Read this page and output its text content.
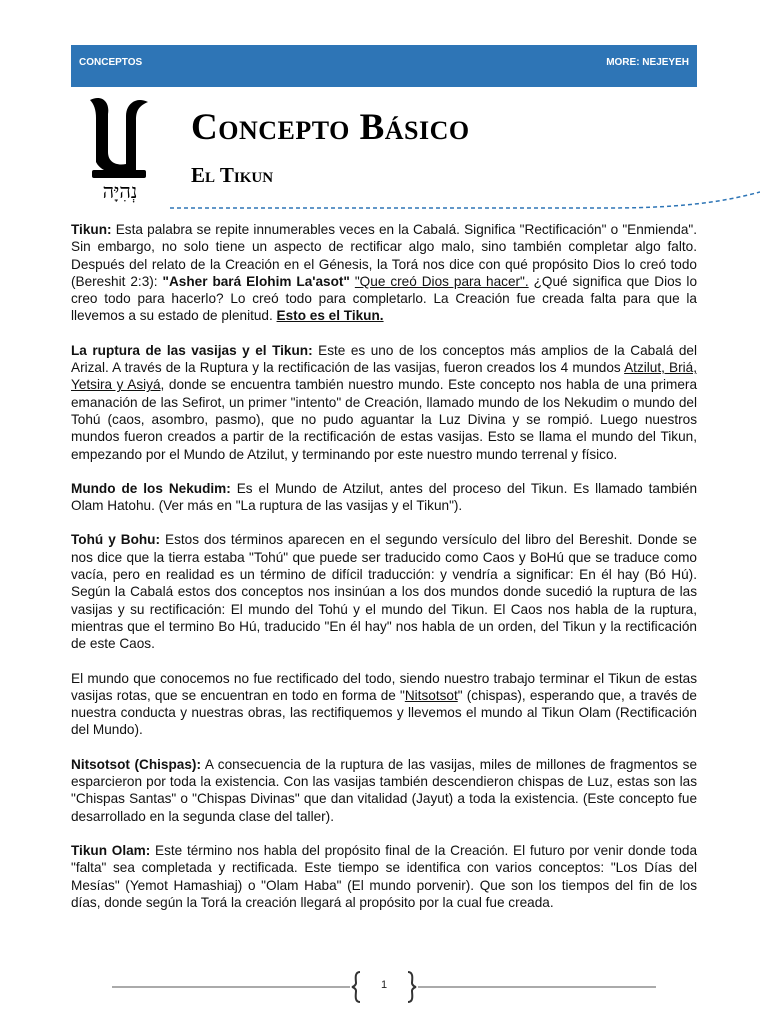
CONCEPTOS	MORE: NEJEYEH
ה
נְהִיָּה
Concepto Básico
El Tikun

Tikun: Esta palabra se repite innumerables veces en la Cabalá. Significa "Rectificación" o "Enmienda". Sin embargo, no solo tiene un aspecto de rectificar algo malo, sino también completar algo falto. Después del relato de la Creación en el Génesis, la Torá nos dice con qué propósito Dios lo creó todo (Bereshit 2:3): "Asher bará Elohim La'asot" "Que creó Dios para hacer". ¿Qué significa que Dios lo creo todo para hacerlo? Lo creó todo para completarlo. La Creación fue creada falta para que la llevemos a su estado de plenitud. Esto es el Tikun.

La ruptura de las vasijas y el Tikun: Este es uno de los conceptos más amplios de la Cabalá del Arizal. A través de la Ruptura y la rectificación de las vasijas, fueron creados los 4 mundos Atzilut, Briá, Yetsira y Asiyá, donde se encuentra también nuestro mundo. Este concepto nos habla de una primera emanación de las Sefirot, un primer "intento" de Creación, llamado mundo de los Nekudim o mundo del Tohú (caos, asombro, pasmo), que no pudo aguantar la Luz Divina y se rompió. Luego nuestros mundos fueron creados a partir de la rectificación de estas vasijas. Esto se llama el mundo del Tikun, empezando por el Mundo de Atzilut, y terminando por este nuestro mundo terrenal y físico.

Mundo de los Nekudim: Es el Mundo de Atzilut, antes del proceso del Tikun. Es llamado también Olam Hatohu. (Ver más en "La ruptura de las vasijas y el Tikun").

Tohú y Bohu: Estos dos términos aparecen en el segundo versículo del libro del Bereshit. Donde se nos dice que la tierra estaba "Tohú" que puede ser traducido como Caos y BoHú que se traduce como vacía, pero en realidad es un término de difícil traducción: y vendría a significar: En él hay (Bó Hú). Según la Cabalá estos dos conceptos nos insinúan a los dos mundos donde sucedió la ruptura de las vasijas y su rectificación: El mundo del Tohú y el mundo del Tikun. El Caos nos habla de la ruptura, mientras que el termino Bo Hú, traducido "En él hay" nos habla de un orden, del Tikun y la rectificación de este Caos.

El mundo que conocemos no fue rectificado del todo, siendo nuestro trabajo terminar el Tikun de estas vasijas rotas, que se encuentran en todo en forma de "Nitsotsot" (chispas), esperando que, a través de nuestra conducta y nuestras obras, las rectifiquemos y llevemos el mundo al Tikun Olam (Rectificación del Mundo).

Nitsotsot (Chispas): A consecuencia de la ruptura de las vasijas, miles de millones de fragmentos se esparcieron por toda la existencia. Con las vasijas también descendieron chispas de Luz, estas son las "Chispas Santas" o "Chispas Divinas" que dan vitalidad (Jayut) a toda la existencia. (Este concepto fue desarrollado en la segunda clase del taller).

Tikun Olam: Este término nos habla del propósito final de la Creación. El futuro por venir donde toda "falta" sea completada y rectificada. Este tiempo se identifica con varios conceptos: "Los Días del Mesías" (Yemot Hamashiaj) o "Olam Haba" (El mundo porvenir). Que son los tiempos del fin de los días, donde según la Torá la creación llegará al propósito por la cual fue creada.

1
